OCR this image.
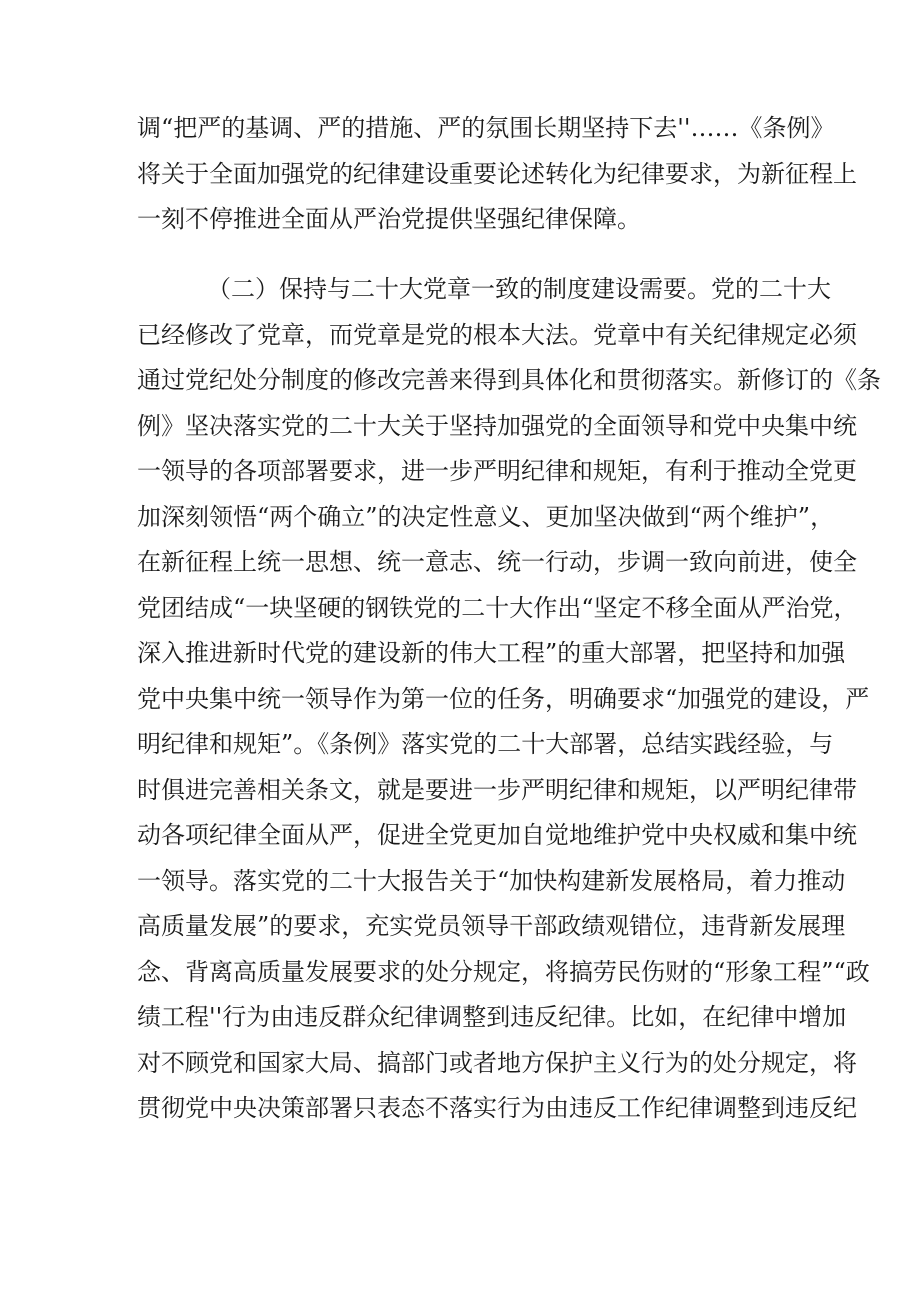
调“把严的基调、严的措施、严的氛围长期坚持下去''……《条例》
将关于全面加强党的纪律建设重要论述转化为纪律要求，为新征程上
一刻不停推进全面从严治党提供坚强纪律保障。
（二）保持与二十大党章一致的制度建设需要。党的二十大
已经修改了党章，而党章是党的根本大法。党章中有关纪律规定必须
通过党纪处分制度的修改完善来得到具体化和贯彻落实。新修订的《条
例》坚决落实党的二十大关于坚持加强党的全面领导和党中央集中统
一领导的各项部署要求，进一步严明纪律和规矩，有利于推动全党更
加深刻领悟“两个确立”的决定性意义、更加坚决做到“两个维护”，
在新征程上统一思想、统一意志、统一行动，步调一致向前进，使全
党团结成“一块坚硬的钢铁党的二十大作出“坚定不移全面从严治党，
深入推进新时代党的建设新的伟大工程”的重大部署，把坚持和加强
党中央集中统一领导作为第一位的任务，明确要求“加强党的建设，严
明纪律和规矩”。《条例》落实党的二十大部署，总结实践经验，与
时俱进完善相关条文，就是要进一步严明纪律和规矩，以严明纪律带
动各项纪律全面从严，促进全党更加自觉地维护党中央权威和集中统
一领导。落实党的二十大报告关于“加快构建新发展格局，着力推动
高质量发展”的要求，充实党员领导干部政绩观错位，违背新发展理
念、背离高质量发展要求的处分规定，将搞劳民伤财的“形象工程”“政
绩工程''行为由违反群众纪律调整到违反纪律。比如，在纪律中增加
对不顾党和国家大局、搞部门或者地方保护主义行为的处分规定，将
贯彻党中央决策部署只表态不落实行为由违反工作纪律调整到违反纪
